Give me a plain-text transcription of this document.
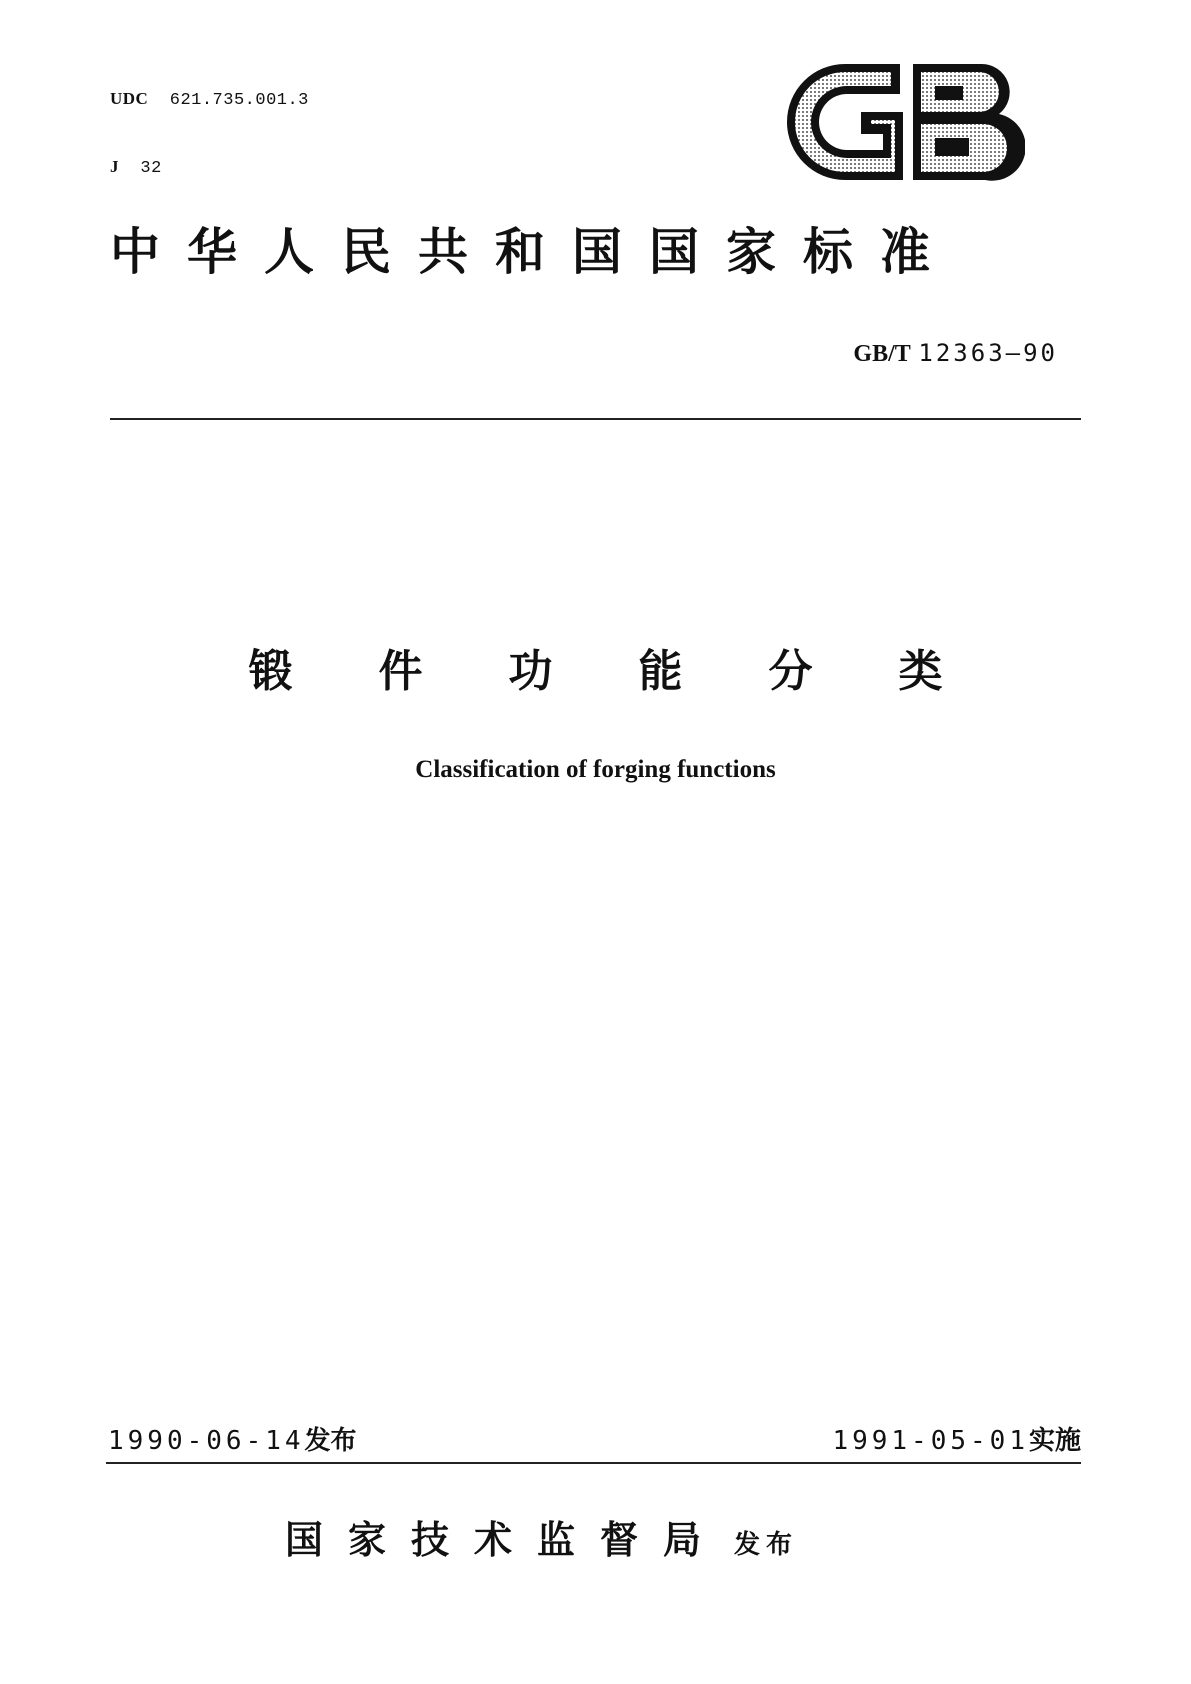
UDC 621.735.001.3

J 32

中华人民共和国国家标准
GB/T 12363—90
锻件功能分类
Classification of forging functions
1990-06-14发布	1991-05-01实施
国家技术监督局 发布
